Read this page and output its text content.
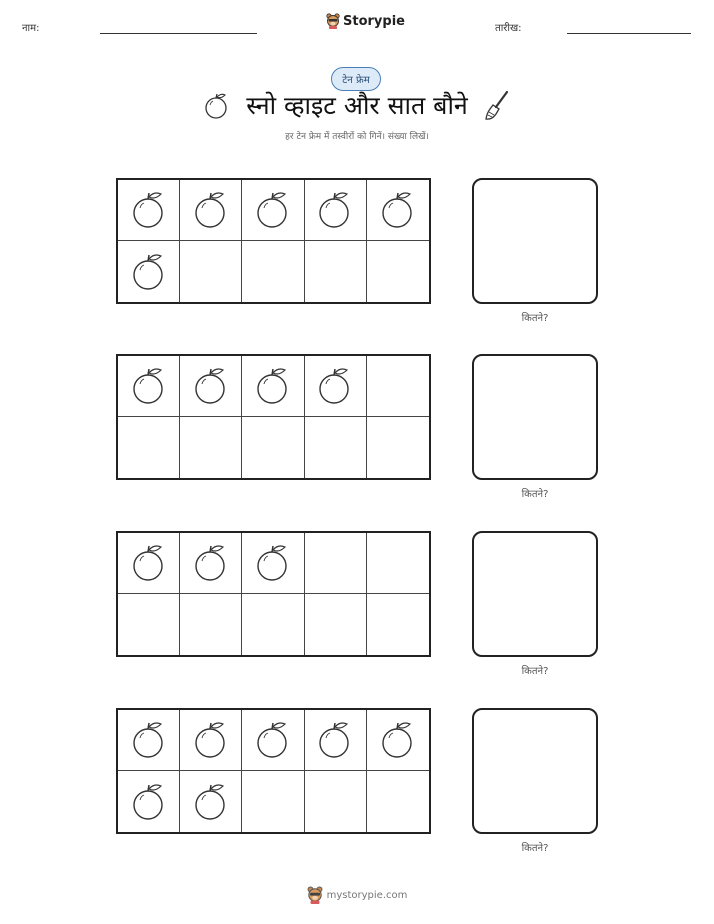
नाम:	Storypie	तारीख:
टेन फ्रेम
स्नो व्हाइट और सात बौने
हर टेन फ्रेम में तस्वीरों को गिनें। संख्या लिखें।
कितने?
कितने?
कितने?
कितने?
mystorypie.com
